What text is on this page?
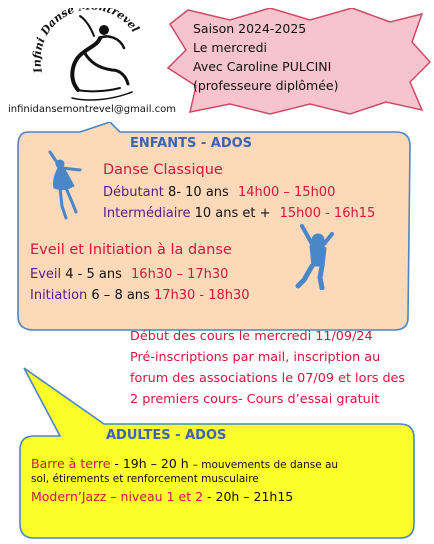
Infini Danse trevel
infinidansemontrevel@gmail.com
Saison 2024-2025
Le mercredi
Avec Caroline PULCINI
(professeure diplômée)
ENFANTS - ADOS
Danse Classique
Débutant 8- 10 ans 14h00 – 15h00
Intermédiaire 10 ans et + 15h00 - 16h15
Eveil et Initiation à la danse
Eveil 4 - 5 ans 16h30 – 17h30
Initiation 6 – 8 ans 17h30 - 18h30
Début des cours le mercredi 11/09/24
Pré-inscriptions par mail, inscription au
forum des associations le 07/09 et lors des
2 premiers cours- Cours d’essai gratuit
ADULTES - ADOS
Barre à terre - 19h – 20 h – mouvements de danse au
sol, étirements et renforcement musculaire
Modern’Jazz – niveau 1 et 2 - 20h – 21h15
